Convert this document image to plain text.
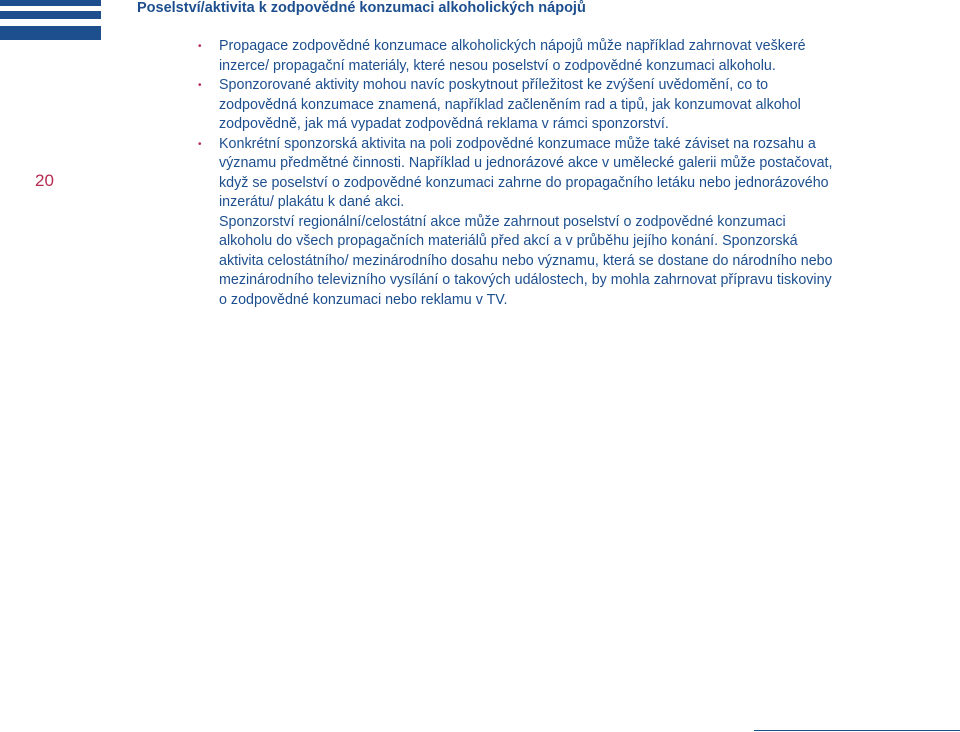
Poselství/aktivita k zodpovědné konzumaci alkoholických nápojů
20
• Propagace zodpovědné konzumace alkoholických nápojů může například zahrnovat veškeré inzerce/ propagační materiály, které nesou poselství o zodpovědné konzumaci alkoholu.
• Sponzorované aktivity mohou navíc poskytnout příležitost ke zvýšení uvědomění, co to zodpovědná konzumace znamená, například začleněním rad a tipů, jak konzumovat alkohol zodpovědně, jak má vypadat zodpovědná reklama v rámci sponzorství.
• Konkrétní sponzorská aktivita na poli zodpovědné konzumace může také záviset na rozsahu a významu předmětné činnosti. Například u jednorázové akce v umělecké galerii může postačovat, když se poselství o zodpovědné konzumaci zahrne do propagačního letáku nebo jednorázového inzerátu/ plakátu k dané akci.

Sponzorství regionální/celostátní akce může zahrnout poselství o zodpovědné konzumaci alkoholu do všech propagačních materiálů před akcí a v průběhu jejího konání. Sponzorská aktivita celostátního/ mezinárodního dosahu nebo významu, která se dostane do národního nebo mezinárodního televizního vysílání o takových událostech, by mohla zahrnovat přípravu tiskoviny o zodpovědné konzumaci nebo reklamu v TV.
